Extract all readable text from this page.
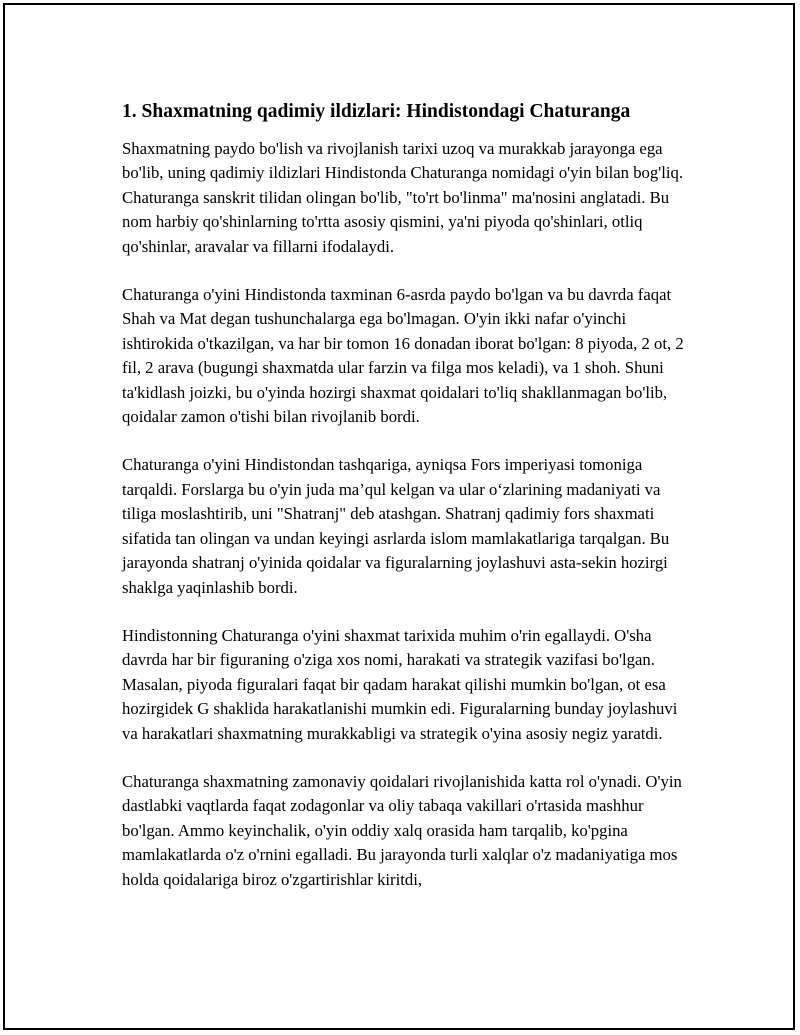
1. Shaxmatning qadimiy ildizlari: Hindistondagi Chaturanga

Shaxmatning paydo bo'lish va rivojlanish tarixi uzoq va murakkab jarayonga ega bo'lib, uning qadimiy ildizlari Hindistonda Chaturanga nomidagi o'yin bilan bog'liq. Chaturanga sanskrit tilidan olingan bo'lib, "to'rt bo'linma" ma'nosini anglatadi. Bu nom harbiy qo'shinlarning to'rtta asosiy qismini, ya'ni piyoda qo'shinlari, otliq qo'shinlar, aravalar va fillarni ifodalaydi.

Chaturanga o'yini Hindistonda taxminan 6-asrda paydo bo'lgan va bu davrda faqat Shah va Mat degan tushunchalarga ega bo'lmagan. O'yin ikki nafar o'yinchi ishtirokida o'tkazilgan, va har bir tomon 16 donadan iborat bo'lgan: 8 piyoda, 2 ot, 2 fil, 2 arava (bugungi shaxmatda ular farzin va filga mos keladi), va 1 shoh. Shuni ta'kidlash joizki, bu o'yinda hozirgi shaxmat qoidalari to'liq shakllanmagan bo'lib, qoidalar zamon o'tishi bilan rivojlanib bordi.

Chaturanga o'yini Hindistondan tashqariga, ayniqsa Fors imperiyasi tomoniga tarqaldi. Forslarga bu o'yin juda ma’qul kelgan va ular o‘zlarining madaniyati va tiliga moslashtirib, uni "Shatranj" deb atashgan. Shatranj qadimiy fors shaxmati sifatida tan olingan va undan keyingi asrlarda islom mamlakatlariga tarqalgan. Bu jarayonda shatranj o'yinida qoidalar va figuralarning joylashuvi asta-sekin hozirgi shaklga yaqinlashib bordi.

Hindistonning Chaturanga o'yini shaxmat tarixida muhim o'rin egallaydi. O'sha davrda har bir figuraning o'ziga xos nomi, harakati va strategik vazifasi bo'lgan. Masalan, piyoda figuralari faqat bir qadam harakat qilishi mumkin bo'lgan, ot esa hozirgidek G shaklida harakatlanishi mumkin edi. Figuralarning bunday joylashuvi va harakatlari shaxmatning murakkabligi va strategik o'yina asosiy negiz yaratdi.

Chaturanga shaxmatning zamonaviy qoidalari rivojlanishida katta rol o'ynadi. O'yin dastlabki vaqtlarda faqat zodagonlar va oliy tabaqa vakillari o'rtasida mashhur bo'lgan. Ammo keyinchalik, o'yin oddiy xalq orasida ham tarqalib, ko'pgina mamlakatlarda o'z o'rnini egalladi. Bu jarayonda turli xalqlar o'z madaniyatiga mos holda qoidalariga biroz o'zgartirishlar kiritdi,
